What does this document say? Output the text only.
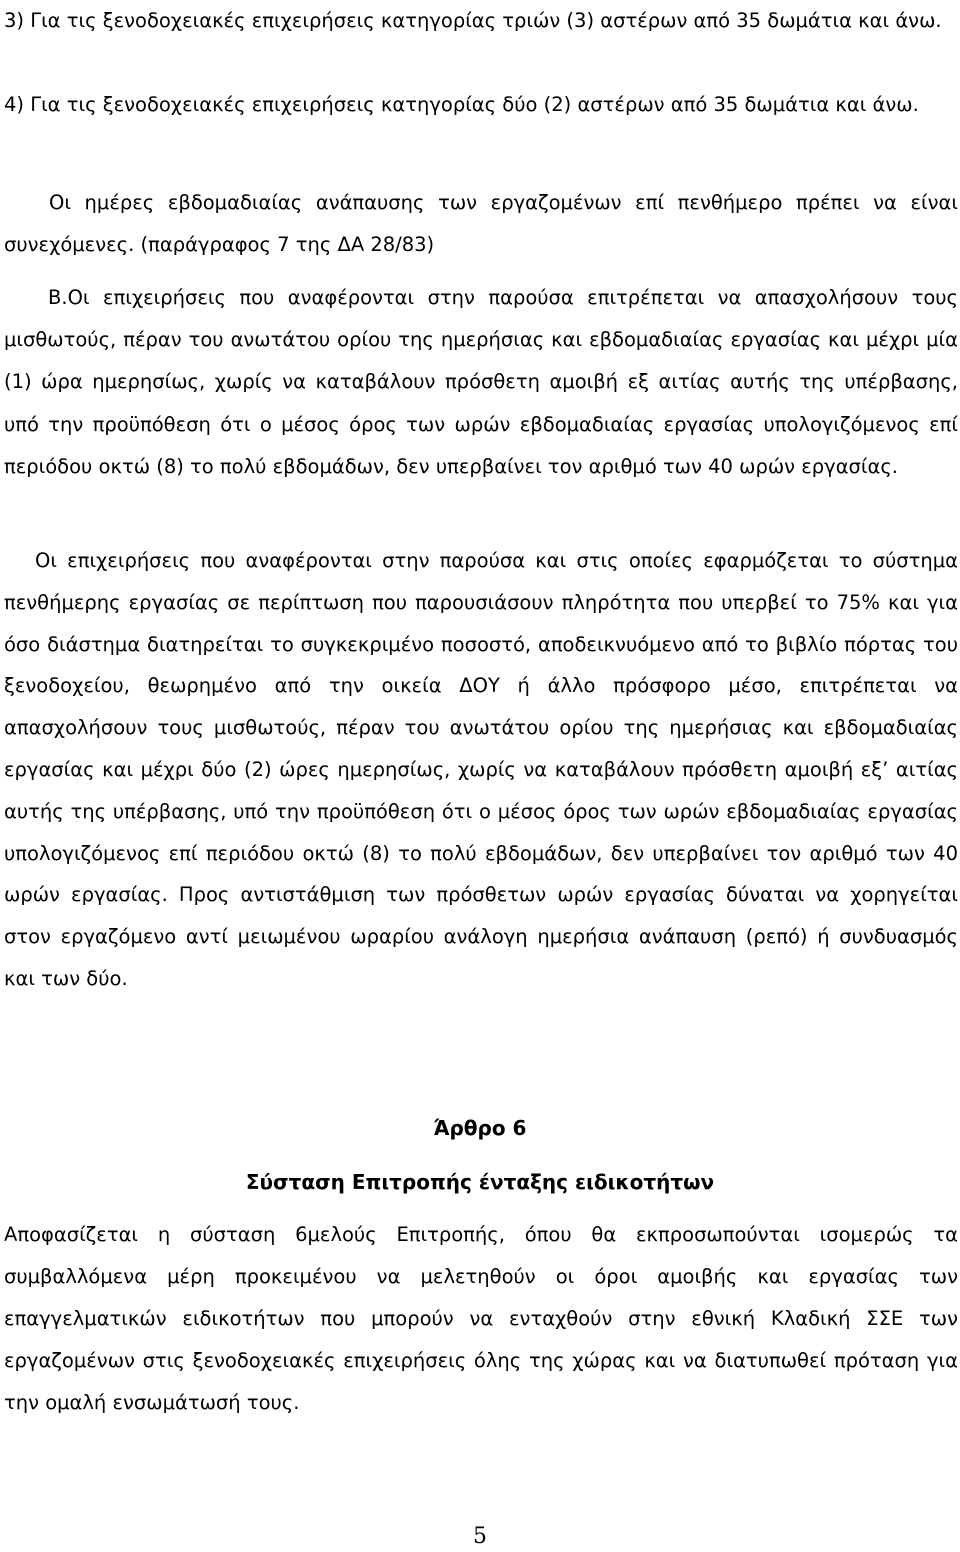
3) Για τις ξενοδοχειακές επιχειρήσεις κατηγορίας τριών (3) αστέρων από 35 δωμάτια και άνω.

4) Για τις ξενοδοχειακές επιχειρήσεις κατηγορίας δύο (2) αστέρων από 35 δωμάτια και άνω.

Οι ημέρες εβδομαδιαίας ανάπαυσης των εργαζομένων επί πενθήμερο πρέπει να είναι συνεχόμενες. (παράγραφος 7 της ΔΑ 28/83)

Β.Οι επιχειρήσεις που αναφέρονται στην παρούσα επιτρέπεται να απασχολήσουν τους μισθωτούς, πέραν του ανωτάτου ορίου της ημερήσιας και εβδομαδιαίας εργασίας και μέχρι μία (1) ώρα ημερησίως, χωρίς να καταβάλουν πρόσθετη αμοιβή εξ αιτίας αυτής της υπέρβασης, υπό την προϋπόθεση ότι ο μέσος όρος των ωρών εβδομαδιαίας εργασίας υπολογιζόμενος επί περιόδου οκτώ (8) το πολύ εβδομάδων, δεν υπερβαίνει τον αριθμό των 40 ωρών εργασίας.

Οι επιχειρήσεις που αναφέρονται στην παρούσα και στις οποίες εφαρμόζεται το σύστημα πενθήμερης εργασίας σε περίπτωση που παρουσιάσουν πληρότητα που υπερβεί το 75% και για όσο διάστημα διατηρείται το συγκεκριμένο ποσοστό, αποδεικνυόμενο από το βιβλίο πόρτας του ξενοδοχείου, θεωρημένο από την οικεία ΔΟΥ ή άλλο πρόσφορο μέσο, επιτρέπεται να απασχολήσουν τους μισθωτούς, πέραν του ανωτάτου ορίου της ημερήσιας και εβδομαδιαίας εργασίας και μέχρι δύο (2) ώρες ημερησίως, χωρίς να καταβάλουν πρόσθετη αμοιβή εξ’ αιτίας αυτής της υπέρβασης, υπό την προϋπόθεση ότι ο μέσος όρος των ωρών εβδομαδιαίας εργασίας υπολογιζόμενος επί περιόδου οκτώ (8) το πολύ εβδομάδων, δεν υπερβαίνει τον αριθμό των 40 ωρών εργασίας. Προς αντιστάθμιση των πρόσθετων ωρών εργασίας δύναται να χορηγείται στον εργαζόμενο αντί μειωμένου ωραρίου ανάλογη ημερήσια ανάπαυση (ρεπό) ή συνδυασμός και των δύο.

Άρθρο 6
Σύσταση Επιτροπής ένταξης ειδικοτήτων

Αποφασίζεται η σύσταση 6μελούς Επιτροπής, όπου θα εκπροσωπούνται ισομερώς τα συμβαλλόμενα μέρη προκειμένου να μελετηθούν οι όροι αμοιβής και εργασίας των επαγγελματικών ειδικοτήτων που μπορούν να ενταχθούν στην εθνική Κλαδική ΣΣΕ των εργαζομένων στις ξενοδοχειακές επιχειρήσεις όλης της χώρας και να διατυπωθεί πρόταση για την ομαλή ενσωμάτωσή τους.

5
